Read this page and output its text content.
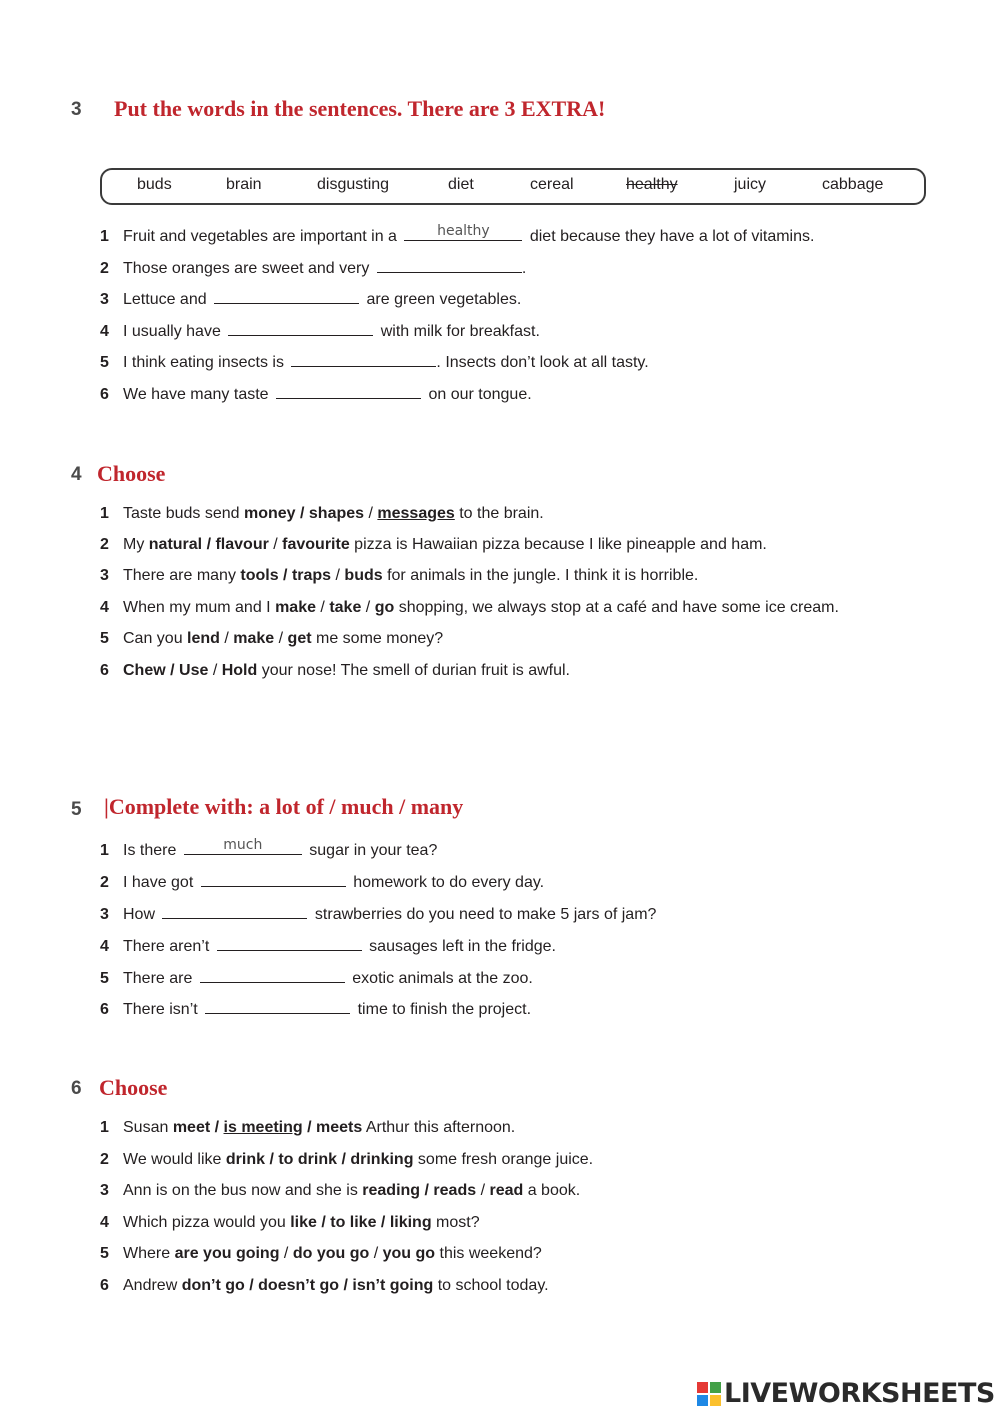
3 Put the words in the sentences. There are 3 EXTRA!
buds	brain	disgusting	diet	cereal	healthy	juicy	cabbage
1 Fruit and vegetables are important in a	healthy	diet because they have a lot of vitamins.
2 Those oranges are sweet and very	.
3 Lettuce and	are green vegetables.
4 I usually have	with milk for breakfast.
5 I think eating insects is	. Insects don’t look at all tasty.
6 We have many taste	on our tongue.
4 Choose
1 Taste buds send money / shapes / messages to the brain.
2 My natural / flavour / favourite pizza is Hawaiian pizza because I like pineapple and ham.
3 There are many tools / traps / buds for animals in the jungle. I think it is horrible.
4 When my mum and I make / take / go shopping, we always stop at a café and have some ice cream.
5 Can you lend / make / get me some money?
6 Chew / Use / Hold your nose! The smell of durian fruit is awful.
5 |Complete with: a lot of / much / many
1 Is there	much	sugar in your tea?
2 I have got	homework to do every day.
3 How	strawberries do you need to make 5 jars of jam?
4 There aren’t	sausages left in the fridge.
5 There are	exotic animals at the zoo.
6 There isn’t	time to finish the project.
6 Choose
1 Susan meet / is meeting / meets Arthur this afternoon.
2 We would like drink / to drink / drinking some fresh orange juice.
3 Ann is on the bus now and she is reading / reads / read a book.
4 Which pizza would you like / to like / liking most?
5 Where are you going / do you go / you go this weekend?
6 Andrew don’t go / doesn’t go / isn’t going to school today.
LIVEWORKSHEETS
